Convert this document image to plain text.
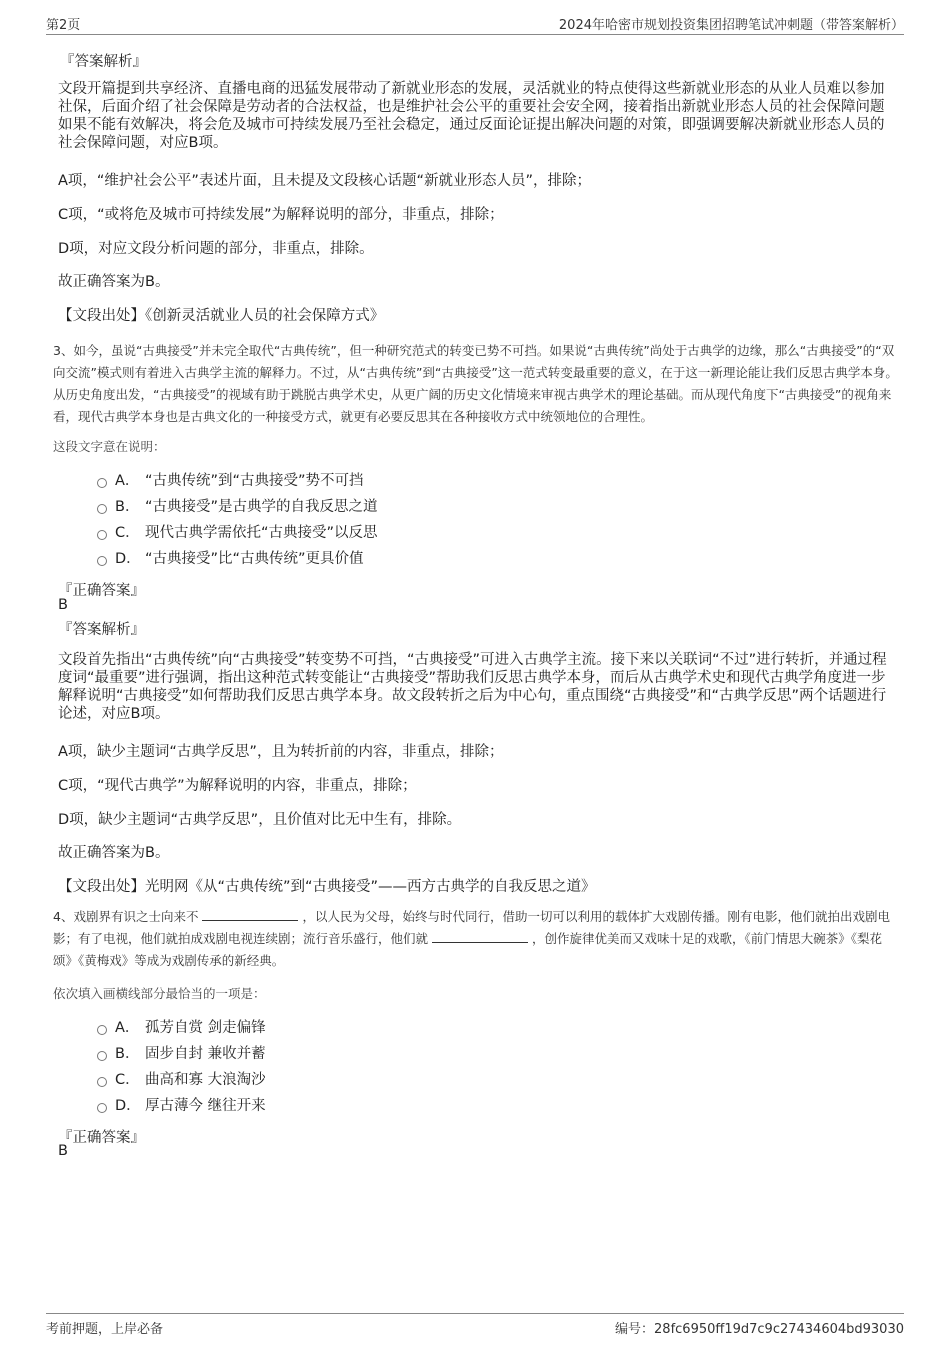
第2页	2024年哈密市规划投资集团招聘笔试冲刺题（带答案解析）
『答案解析』
文段开篇提到共享经济、直播电商的迅猛发展带动了新就业形态的发展，灵活就业的特点使得这些新就业形态的从业人员难以参加社保，后面介绍了社会保障是劳动者的合法权益，也是维护社会公平的重要社会安全网，接着指出新就业形态人员的社会保障问题如果不能有效解决，将会危及城市可持续发展乃至社会稳定，通过反面论证提出解决问题的对策，即强调要解决新就业形态人员的社会保障问题，对应B项。
A项，“维护社会公平”表述片面，且未提及文段核心话题“新就业形态人员”，排除；
C项，“或将危及城市可持续发展”为解释说明的部分，非重点，排除；
D项，对应文段分析问题的部分，非重点，排除。
故正确答案为B。
【文段出处】《创新灵活就业人员的社会保障方式》
3、如今，虽说“古典接受”并未完全取代“古典传统”，但一种研究范式的转变已势不可挡。如果说“古典传统”尚处于古典学的边缘，那么“古典接受”的“双向交流”模式则有着进入古典学主流的解释力。不过，从“古典传统”到“古典接受”这一范式转变最重要的意义，在于这一新理论能让我们反思古典学本身。从历史角度出发，“古典接受”的视域有助于跳脱古典学术史，从更广阔的历史文化情境来审视古典学术的理论基础。而从现代角度下“古典接受”的视角来看，现代古典学本身也是古典文化的一种接受方式，就更有必要反思其在各种接收方式中统领地位的合理性。
这段文字意在说明：
A． “古典传统”到“古典接受”势不可挡
B． “古典接受”是古典学的自我反思之道
C． 现代古典学需依托“古典接受”以反思
D． “古典接受”比“古典传统”更具价值
『正确答案』
B
『答案解析』
文段首先指出“古典传统”向“古典接受”转变势不可挡，“古典接受”可进入古典学主流。接下来以关联词“不过”进行转折，并通过程度词“最重要”进行强调，指出这种范式转变能让“古典接受”帮助我们反思古典学本身，而后从古典学术史和现代古典学角度进一步解释说明“古典接受”如何帮助我们反思古典学本身。故文段转折之后为中心句，重点围绕“古典接受”和“古典学反思”两个话题进行论述，对应B项。
A项，缺少主题词“古典学反思”，且为转折前的内容，非重点，排除；
C项，“现代古典学”为解释说明的内容，非重点，排除；
D项，缺少主题词“古典学反思”，且价值对比无中生有，排除。
故正确答案为B。
【文段出处】光明网《从“古典传统”到“古典接受”——西方古典学的自我反思之道》
4、戏剧界有识之士向来不	，以人民为父母，始终与时代同行，借助一切可以利用的载体扩大戏剧传播。刚有电影，他们就拍出戏剧电影；有了电视，他们就拍成戏剧电视连续剧；流行音乐盛行，他们就	，创作旋律优美而又戏味十足的戏歌，《前门情思大碗茶》《梨花颂》《黄梅戏》等成为戏剧传承的新经典。
依次填入画横线部分最恰当的一项是：
A． 孤芳自赏 剑走偏锋
B． 固步自封 兼收并蓄
C． 曲高和寡 大浪淘沙
D． 厚古薄今 继往开来
『正确答案』
B
考前押题，上岸必备	编号：28fc6950ff19d7c9c27434604bd93030
